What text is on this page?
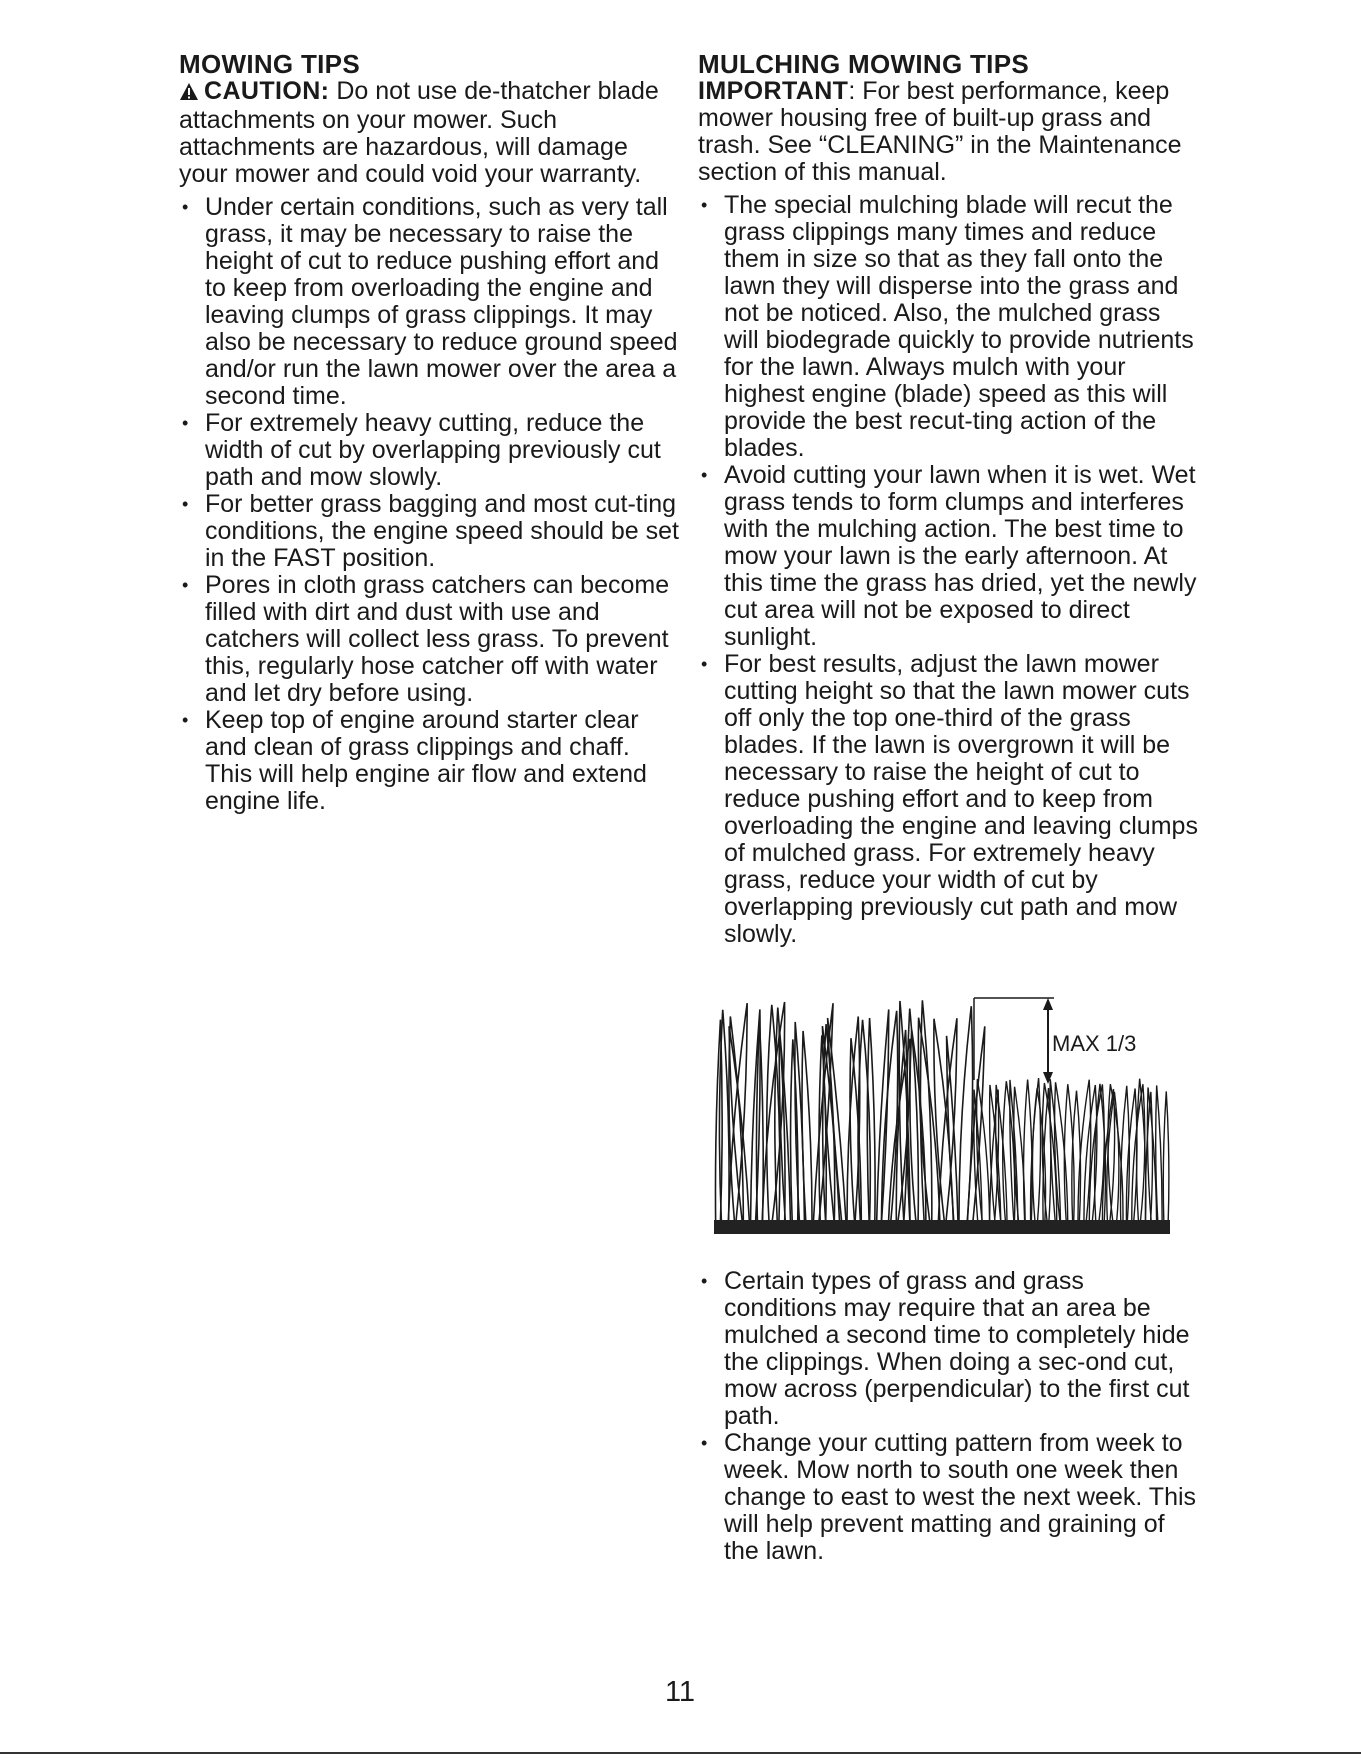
MOWING TIPS

CAUTION: Do not use de-thatcher blade attachments on your mower. Such attachments are hazardous, will damage your mower and could void your warranty.

• Under certain conditions, such as very tall grass, it may be necessary to raise the height of cut to reduce pushing effort and to keep from overloading the engine and leaving clumps of grass clippings. It may also be necessary to reduce ground speed and/or run the lawn mower over the area a second time.
• For extremely heavy cutting, reduce the width of cut by overlapping previously cut path and mow slowly.
• For better grass bagging and most cut-ting conditions, the engine speed should be set in the FAST position.
• Pores in cloth grass catchers can become filled with dirt and dust with use and catchers will collect less grass. To prevent this, regularly hose catcher off with water and let dry before using.
• Keep top of engine around starter clear and clean of grass clippings and chaff. This will help engine air flow and extend engine life.
MULCHING MOWING TIPS

IMPORTANT: For best performance, keep mower housing free of built-up grass and trash. See “CLEANING” in the Maintenance section of this manual.

• The special mulching blade will recut the grass clippings many times and reduce them in size so that as they fall onto the lawn they will disperse into the grass and not be noticed. Also, the mulched grass will biodegrade quickly to provide nutrients for the lawn. Always mulch with your highest engine (blade) speed as this will provide the best recut-ting action of the blades.
• Avoid cutting your lawn when it is wet. Wet grass tends to form clumps and interferes with the mulching action. The best time to mow your lawn is the early afternoon. At this time the grass has dried, yet the newly cut area will not be exposed to direct sunlight.
• For best results, adjust the lawn mower cutting height so that the lawn mower cuts off only the top one-third of the grass blades. If the lawn is overgrown it will be necessary to raise the height of cut to reduce pushing effort and to keep from overloading the engine and leaving clumps of mulched grass. For extremely heavy grass, reduce your width of cut by overlapping previously cut path and mow slowly.
MAX 1/3
• Certain types of grass and grass conditions may require that an area be mulched a second time to completely hide the clippings. When doing a sec-ond cut, mow across (perpendicular) to the first cut path.
• Change your cutting pattern from week to week. Mow north to south one week then change to east to west the next week. This will help prevent matting and graining of the lawn.
11
